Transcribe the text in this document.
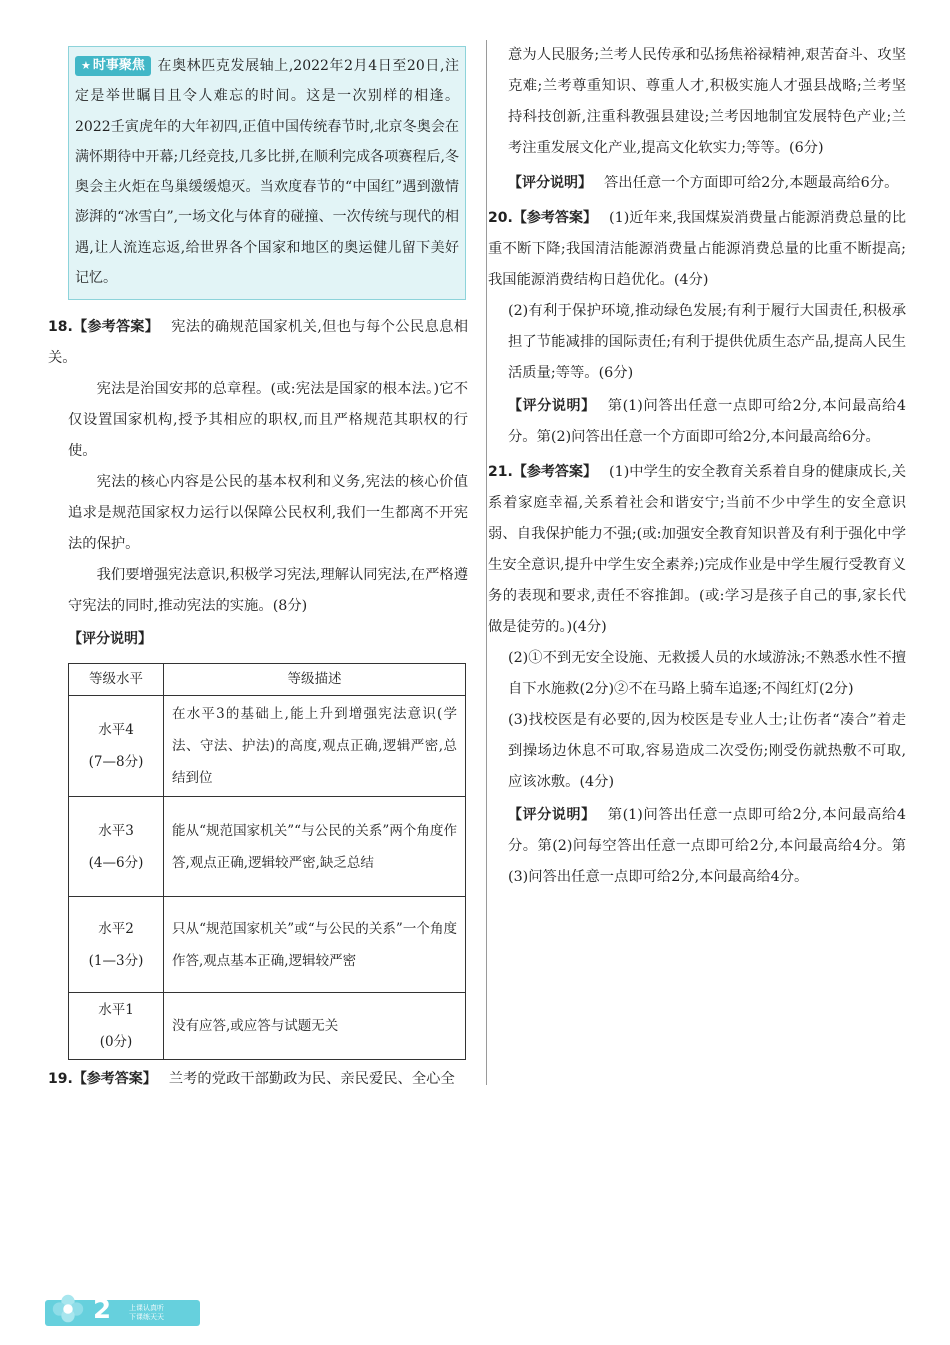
★ 时事聚焦 在奥林匹克发展轴上,2022年2月4日至20日,注定是举世瞩目且令人难忘的时间。这是一次别样的相逢。2022壬寅虎年的大年初四,正值中国传统春节时,北京冬奥会在满怀期待中开幕;几经竞技,几多比拼,在顺利完成各项赛程后,冬奥会主火炬在鸟巢缓缓熄灭。当欢度春节的“中国红”遇到激情澎湃的“冰雪白”,一场文化与体育的碰撞、一次传统与现代的相遇,让人流连忘返,给世界各个国家和地区的奥运健儿留下美好记忆。

18.【参考答案】 宪法的确规范国家机关,但也与每个公民息息相关。

宪法是治国安邦的总章程。(或:宪法是国家的根本法。)它不仅设置国家机构,授予其相应的职权,而且严格规范其职权的行使。

宪法的核心内容是公民的基本权利和义务,宪法的核心价值追求是规范国家权力运行以保障公民权利,我们一生都离不开宪法的保护。

我们要增强宪法意识,积极学习宪法,理解认同宪法,在严格遵守宪法的同时,推动宪法的实施。(8分)

【评分说明】

等级水平	等级描述

水平4
(7—8分)	在水平3的基础上,能上升到增强宪法意识(学法、守法、护法)的高度,观点正确,逻辑严密,总结到位

水平3
(4—6分)	能从“规范国家机关”“与公民的关系”两个角度作答,观点正确,逻辑较严密,缺乏总结

水平2
(1—3分)	只从“规范国家机关”或“与公民的关系”一个角度作答,观点基本正确,逻辑较严密

水平1
(0分)	没有应答,或应答与试题无关

19.【参考答案】 兰考的党政干部勤政为民、亲民爱民、全心全

意为人民服务;兰考人民传承和弘扬焦裕禄精神,艰苦奋斗、攻坚克难;兰考尊重知识、尊重人才,积极实施人才强县战略;兰考坚持科技创新,注重科教强县建设;兰考因地制宜发展特色产业;兰考注重发展文化产业,提高文化软实力;等等。(6分)

【评分说明】 答出任意一个方面即可给2分,本题最高给6分。

20.【参考答案】 (1)近年来,我国煤炭消费量占能源消费总量的比重不断下降;我国清洁能源消费量占能源消费总量的比重不断提高;我国能源消费结构日趋优化。(4分)

(2)有利于保护环境,推动绿色发展;有利于履行大国责任,积极承担了节能减排的国际责任;有利于提供优质生态产品,提高人民生活质量;等等。(6分)

【评分说明】 第(1)问答出任意一点即可给2分,本问最高给4分。第(2)问答出任意一个方面即可给2分,本问最高给6分。

21.【参考答案】 (1)中学生的安全教育关系着自身的健康成长,关系着家庭幸福,关系着社会和谐安宁;当前不少中学生的安全意识弱、自我保护能力不强;(或:加强安全教育知识普及有利于强化中学生安全意识,提升中学生安全素养;)完成作业是中学生履行受教育义务的表现和要求,责任不容推卸。(或:学习是孩子自己的事,家长代做是徒劳的。)(4分)

(2)①不到无安全设施、无救援人员的水域游泳;不熟悉水性不擅自下水施救(2分)②不在马路上骑车追逐;不闯红灯(2分)

(3)找校医是有必要的,因为校医是专业人士;让伤者“凑合”着走到操场边休息不可取,容易造成二次受伤;刚受伤就热敷不可取,应该冰敷。(4分)

【评分说明】 第(1)问答出任意一点即可给2分,本问最高给4分。第(2)问每空答出任意一点即可给2分,本问最高给4分。第(3)问答出任意一点即可给2分,本问最高给4分。

2	上课认真听
下课练天天
